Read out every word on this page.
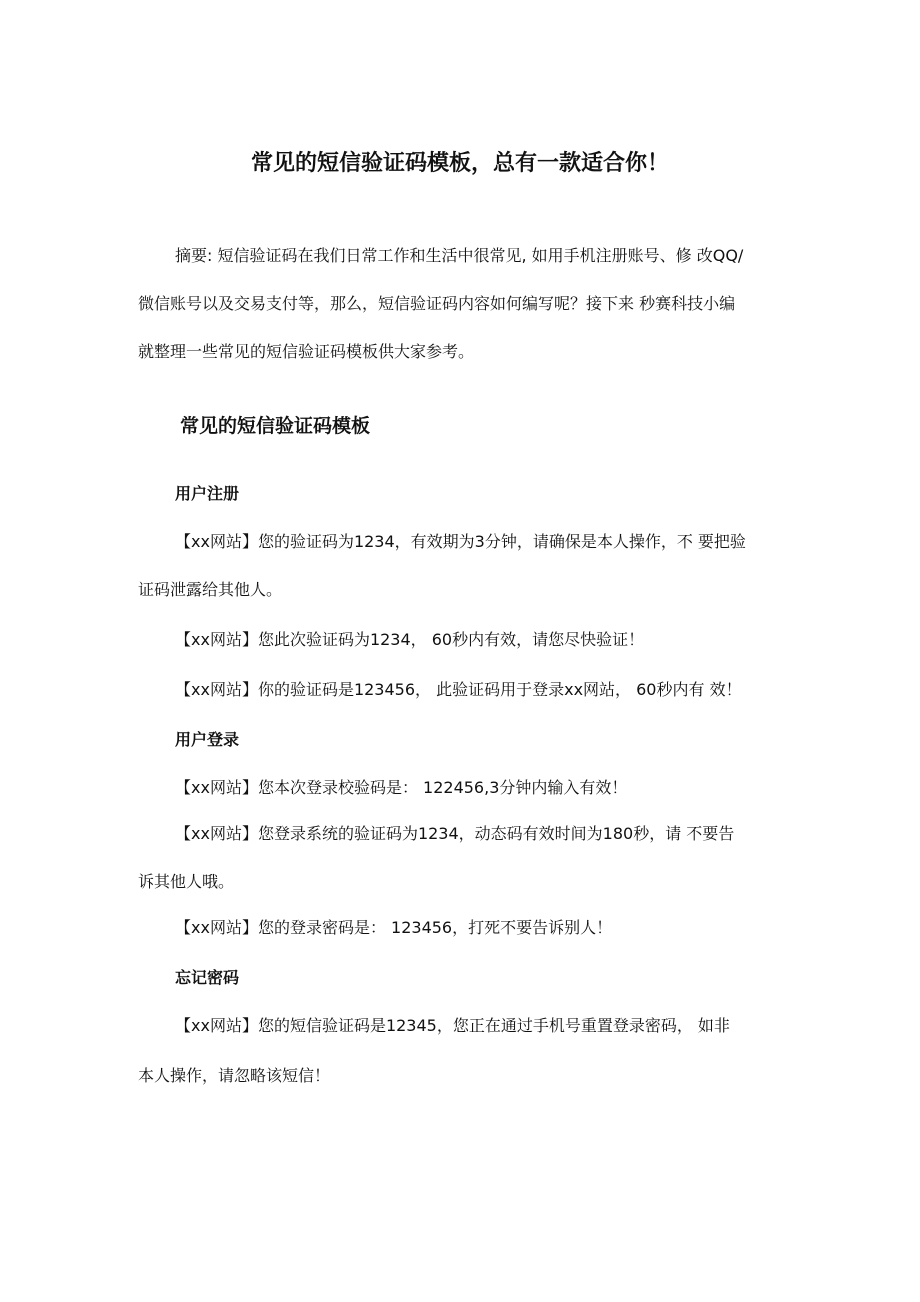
常见的短信验证码模板，总有一款适合你！

摘要: 短信验证码在我们日常工作和生活中很常见, 如用手机注册账号、修 改QQ/

微信账号以及交易支付等，那么，短信验证码内容如何编写呢？接下来 秒赛科技小编

就整理一些常见的短信验证码模板供大家参考。

常见的短信验证码模板
用户注册

【xx网站】您的验证码为1234，有效期为3分钟，请确保是本人操作，不 要把验

证码泄露给其他人。

【xx网站】您此次验证码为1234， 60秒内有效，请您尽快验证！

【xx网站】你的验证码是123456， 此验证码用于登录xx网站， 60秒内有 效！

用户登录

【xx网站】您本次登录校验码是： 122456,3分钟内输入有效！

【xx网站】您登录系统的验证码为1234，动态码有效时间为180秒，请 不要告

诉其他人哦。

【xx网站】您的登录密码是： 123456，打死不要告诉别人！

忘记密码

【xx网站】您的短信验证码是12345，您正在通过手机号重置登录密码， 如非

本人操作，请忽略该短信！
